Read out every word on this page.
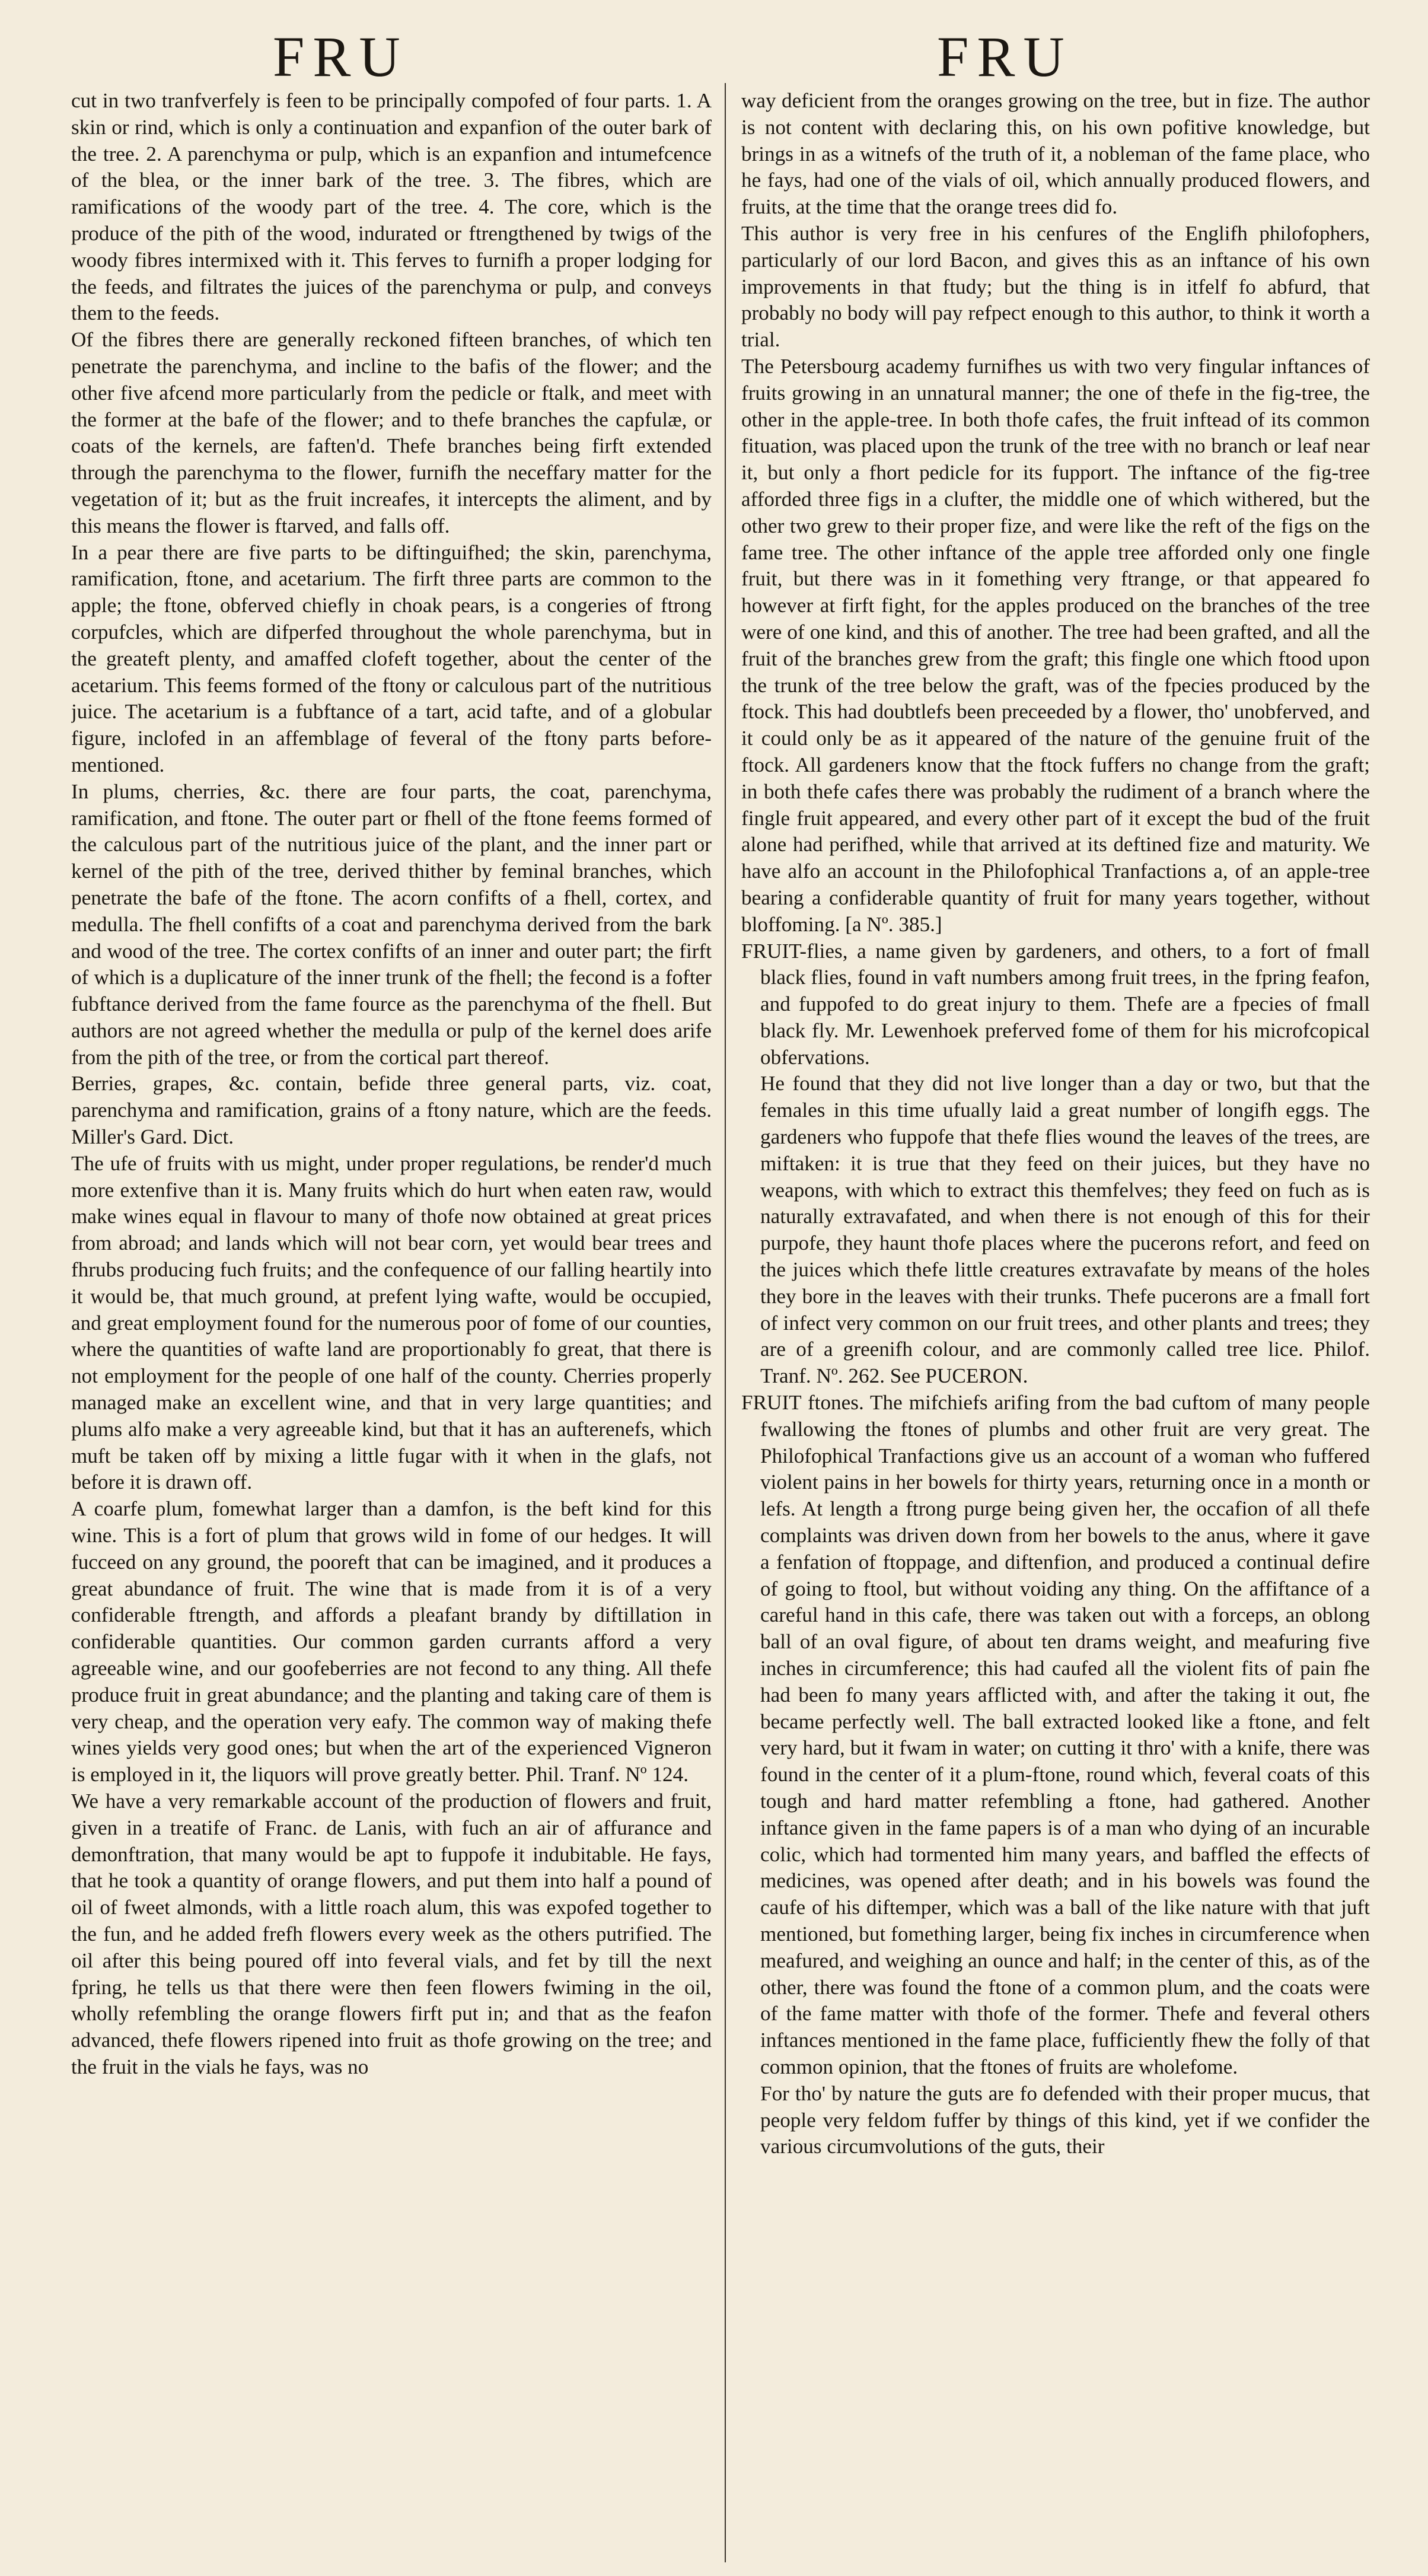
FRU	FRU

cut in two tranfverfely is feen to be principally compofed of four parts. 1. A skin or rind, which is only a continuation and expanfion of the outer bark of the tree. 2. A parenchyma or pulp, which is an expanfion and intumefcence of the blea, or the inner bark of the tree. 3. The fibres, which are ramifications of the woody part of the tree. 4. The core, which is the produce of the pith of the wood, indurated or ftrengthened by twigs of the woody fibres intermixed with it. This ferves to furnifh a proper lodging for the feeds, and filtrates the juices of the parenchyma or pulp, and conveys them to the feeds.

Of the fibres there are generally reckoned fifteen branches, of which ten penetrate the parenchyma, and incline to the bafis of the flower; and the other five afcend more particularly from the pedicle or ftalk, and meet with the former at the bafe of the flower; and to thefe branches the capfulæ, or coats of the kernels, are faften'd. Thefe branches being firft extended through the parenchyma to the flower, furnifh the neceffary matter for the vegetation of it; but as the fruit increafes, it intercepts the aliment, and by this means the flower is ftarved, and falls off.

In a pear there are five parts to be diftinguifhed; the skin, parenchyma, ramification, ftone, and acetarium. The firft three parts are common to the apple; the ftone, obferved chiefly in choak pears, is a congeries of ftrong corpufcles, which are difperfed throughout the whole parenchyma, but in the greateft plenty, and amaffed clofeft together, about the center of the acetarium. This feems formed of the ftony or calculous part of the nutritious juice. The acetarium is a fubftance of a tart, acid tafte, and of a globular figure, inclofed in an affemblage of feveral of the ftony parts before-mentioned.

In plums, cherries, &c. there are four parts, the coat, parenchyma, ramification, and ftone. The outer part or fhell of the ftone feems formed of the calculous part of the nutritious juice of the plant, and the inner part or kernel of the pith of the tree, derived thither by feminal branches, which penetrate the bafe of the ftone. The acorn confifts of a fhell, cortex, and medulla. The fhell confifts of a coat and parenchyma derived from the bark and wood of the tree. The cortex confifts of an inner and outer part; the firft of which is a duplicature of the inner trunk of the fhell; the fecond is a fofter fubftance derived from the fame fource as the parenchyma of the fhell. But authors are not agreed whether the medulla or pulp of the kernel does arife from the pith of the tree, or from the cortical part thereof.

Berries, grapes, &c. contain, befide three general parts, viz. coat, parenchyma and ramification, grains of a ftony nature, which are the feeds. Miller's Gard. Dict.

The ufe of fruits with us might, under proper regulations, be render'd much more extenfive than it is. Many fruits which do hurt when eaten raw, would make wines equal in flavour to many of thofe now obtained at great prices from abroad; and lands which will not bear corn, yet would bear trees and fhrubs producing fuch fruits; and the confequence of our falling heartily into it would be, that much ground, at prefent lying wafte, would be occupied, and great employment found for the numerous poor of fome of our counties, where the quantities of wafte land are proportionably fo great, that there is not employment for the people of one half of the county. Cherries properly managed make an excellent wine, and that in very large quantities; and plums alfo make a very agreeable kind, but that it has an aufterenefs, which muft be taken off by mixing a little fugar with it when in the glafs, not before it is drawn off.

A coarfe plum, fomewhat larger than a damfon, is the beft kind for this wine. This is a fort of plum that grows wild in fome of our hedges. It will fucceed on any ground, the pooreft that can be imagined, and it produces a great abundance of fruit. The wine that is made from it is of a very confiderable ftrength, and affords a pleafant brandy by diftillation in confiderable quantities. Our common garden currants afford a very agreeable wine, and our goofeberries are not fecond to any thing. All thefe produce fruit in great abundance; and the planting and taking care of them is very cheap, and the operation very eafy. The common way of making thefe wines yields very good ones; but when the art of the experienced Vigneron is employed in it, the liquors will prove greatly better. Phil. Tranf. Nº 124.

We have a very remarkable account of the production of flowers and fruit, given in a treatife of Franc. de Lanis, with fuch an air of affurance and demonftration, that many would be apt to fuppofe it indubitable. He fays, that he took a quantity of orange flowers, and put them into half a pound of oil of fweet almonds, with a little roach alum, this was expofed together to the fun, and he added frefh flowers every week as the others putrified. The oil after this being poured off into feveral vials, and fet by till the next fpring, he tells us that there were then feen flowers fwiming in the oil, wholly refembling the orange flowers firft put in; and that as the feafon advanced, thefe flowers ripened into fruit as thofe growing on the tree; and the fruit in the vials he fays, was no

way deficient from the oranges growing on the tree, but in fize. The author is not content with declaring this, on his own pofitive knowledge, but brings in as a witnefs of the truth of it, a nobleman of the fame place, who he fays, had one of the vials of oil, which annually produced flowers, and fruits, at the time that the orange trees did fo.

This author is very free in his cenfures of the Englifh philofophers, particularly of our lord Bacon, and gives this as an inftance of his own improvements in that ftudy; but the thing is in itfelf fo abfurd, that probably no body will pay refpect enough to this author, to think it worth a trial.

The Petersbourg academy furnifhes us with two very fingular inftances of fruits growing in an unnatural manner; the one of thefe in the fig-tree, the other in the apple-tree. In both thofe cafes, the fruit inftead of its common fituation, was placed upon the trunk of the tree with no branch or leaf near it, but only a fhort pedicle for its fupport. The inftance of the fig-tree afforded three figs in a clufter, the middle one of which withered, but the other two grew to their proper fize, and were like the reft of the figs on the fame tree. The other inftance of the apple tree afforded only one fingle fruit, but there was in it fomething very ftrange, or that appeared fo however at firft fight, for the apples produced on the branches of the tree were of one kind, and this of another. The tree had been grafted, and all the fruit of the branches grew from the graft; this fingle one which ftood upon the trunk of the tree below the graft, was of the fpecies produced by the ftock. This had doubtlefs been preceeded by a flower, tho' unobferved, and it could only be as it appeared of the nature of the genuine fruit of the ftock. All gardeners know that the ftock fuffers no change from the graft; in both thefe cafes there was probably the rudiment of a branch where the fingle fruit appeared, and every other part of it except the bud of the fruit alone had perifhed, while that arrived at its deftined fize and maturity. We have alfo an account in the Philofophical Tranfactions a, of an apple-tree bearing a confiderable quantity of fruit for many years together, without bloffoming. [a Nº. 385.]

FRUIT-flies, a name given by gardeners, and others, to a fort of fmall black flies, found in vaft numbers among fruit trees, in the fpring feafon, and fuppofed to do great injury to them. Thefe are a fpecies of fmall black fly. Mr. Lewenhoek preferved fome of them for his microfcopical obfervations.

He found that they did not live longer than a day or two, but that the females in this time ufually laid a great number of longifh eggs. The gardeners who fuppofe that thefe flies wound the leaves of the trees, are miftaken: it is true that they feed on their juices, but they have no weapons, with which to extract this themfelves; they feed on fuch as is naturally extravafated, and when there is not enough of this for their purpofe, they haunt thofe places where the pucerons refort, and feed on the juices which thefe little creatures extravafate by means of the holes they bore in the leaves with their trunks. Thefe pucerons are a fmall fort of infect very common on our fruit trees, and other plants and trees; they are of a greenifh colour, and are commonly called tree lice. Philof. Tranf. Nº. 262. See PUCERON.

FRUIT ftones. The mifchiefs arifing from the bad cuftom of many people fwallowing the ftones of plumbs and other fruit are very great. The Philofophical Tranfactions give us an account of a woman who fuffered violent pains in her bowels for thirty years, returning once in a month or lefs. At length a ftrong purge being given her, the occafion of all thefe complaints was driven down from her bowels to the anus, where it gave a fenfation of ftoppage, and diftenfion, and produced a continual defire of going to ftool, but without voiding any thing. On the affiftance of a careful hand in this cafe, there was taken out with a forceps, an oblong ball of an oval figure, of about ten drams weight, and meafuring five inches in circumference; this had caufed all the violent fits of pain fhe had been fo many years afflicted with, and after the taking it out, fhe became perfectly well. The ball extracted looked like a ftone, and felt very hard, but it fwam in water; on cutting it thro' with a knife, there was found in the center of it a plum-ftone, round which, feveral coats of this tough and hard matter refembling a ftone, had gathered. Another inftance given in the fame papers is of a man who dying of an incurable colic, which had tormented him many years, and baffled the effects of medicines, was opened after death; and in his bowels was found the caufe of his diftemper, which was a ball of the like nature with that juft mentioned, but fomething larger, being fix inches in circumference when meafured, and weighing an ounce and half; in the center of this, as of the other, there was found the ftone of a common plum, and the coats were of the fame matter with thofe of the former. Thefe and feveral others inftances mentioned in the fame place, fufficiently fhew the folly of that common opinion, that the ftones of fruits are wholefome.

For tho' by nature the guts are fo defended with their proper mucus, that people very feldom fuffer by things of this kind, yet if we confider the various circumvolutions of the guts, their
